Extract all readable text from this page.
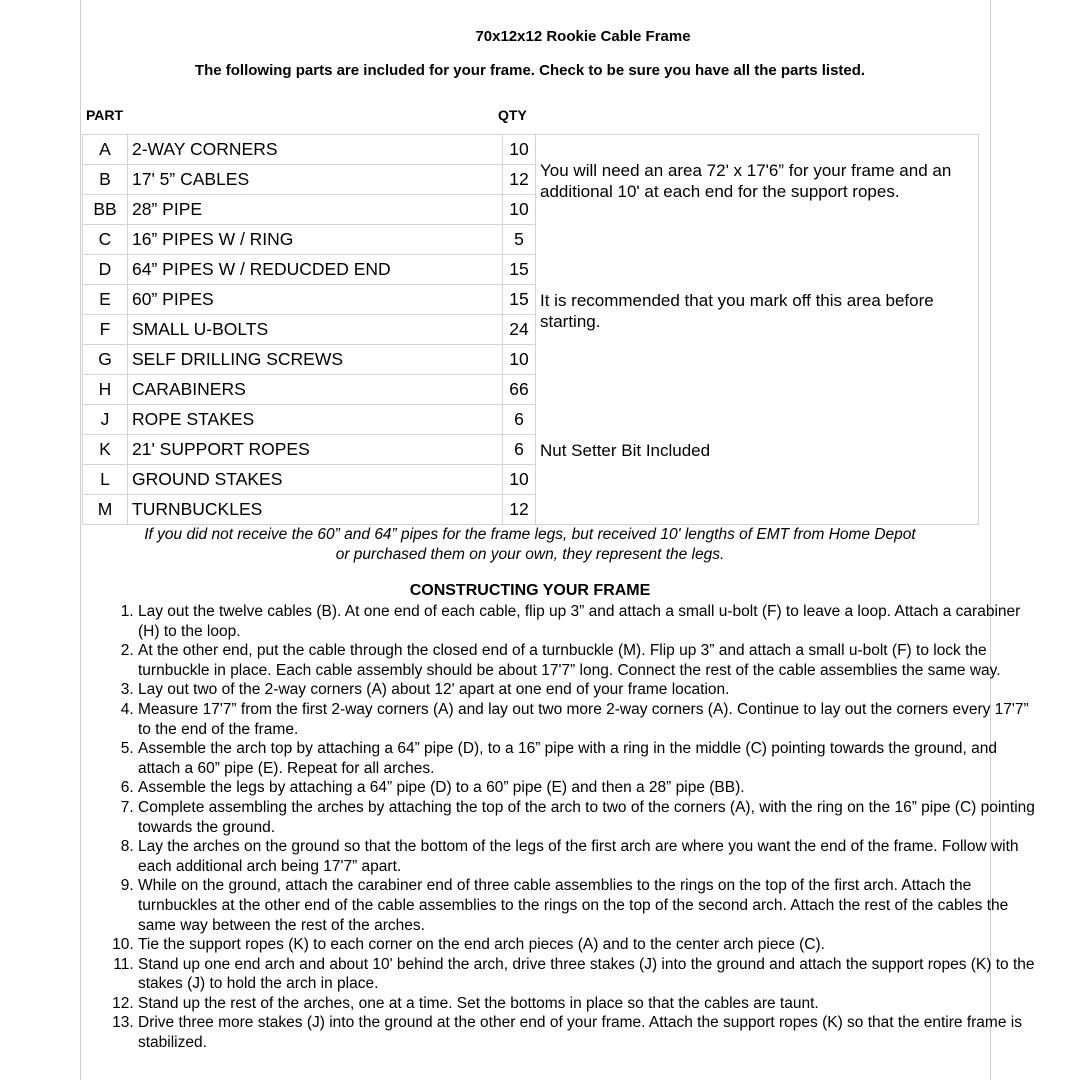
70x12x12 Rookie Cable Frame
The following parts are included for your frame. Check to be sure you have all the parts listed.
PART	QTY
A	2-WAY CORNERS	10	You will need an area 72' x 17'6” for your frame and an additional 10' at each end for the support ropes.
It is recommended that you mark off this area before starting.
Nut Setter Bit Included

B	17' 5” CABLES	12	
BB	28” PIPE	10	
C	16” PIPES W / RING	5	
D	64” PIPES W / REDUCDED END	15	
E	60” PIPES	15	
F	SMALL U-BOLTS	24	
G	SELF DRILLING SCREWS	10	
H	CARABINERS	66	
J	ROPE STAKES	6	
K	21' SUPPORT ROPES	6	
L	GROUND STAKES	10	
M	TURNBUCKLES	12	
If you did not receive the 60” and 64” pipes for the frame legs, but received 10' lengths of EMT from Home Depot
or purchased them on your own, they represent the legs.
CONSTRUCTING YOUR FRAME
1. Lay out the twelve cables (B). At one end of each cable, flip up 3” and attach a small u-bolt (F) to leave a loop. Attach a carabiner (H) to the loop.
2. At the other end, put the cable through the closed end of a turnbuckle (M). Flip up 3” and attach a small u-bolt (F) to lock the turnbuckle in place. Each cable assembly should be about 17'7” long. Connect the rest of the cable assemblies the same way.
3. Lay out two of the 2-way corners (A) about 12' apart at one end of your frame location.
4. Measure 17'7” from the first 2-way corners (A) and lay out two more 2-way corners (A). Continue to lay out the corners every 17'7” to the end of the frame.
5. Assemble the arch top by attaching a 64” pipe (D), to a 16” pipe with a ring in the middle (C) pointing towards the ground, and attach a 60” pipe (E). Repeat for all arches.
6. Assemble the legs by attaching a 64” pipe (D) to a 60” pipe (E) and then a 28” pipe (BB).
7. Complete assembling the arches by attaching the top of the arch to two of the corners (A), with the ring on the 16” pipe (C) pointing towards the ground.
8. Lay the arches on the ground so that the bottom of the legs of the first arch are where you want the end of the frame. Follow with each additional arch being 17'7” apart.
9. While on the ground, attach the carabiner end of three cable assemblies to the rings on the top of the first arch. Attach the turnbuckles at the other end of the cable assemblies to the rings on the top of the second arch. Attach the rest of the cables the same way between the rest of the arches.
10. Tie the support ropes (K) to each corner on the end arch pieces (A) and to the center arch piece (C).
11. Stand up one end arch and about 10' behind the arch, drive three stakes (J) into the ground and attach the support ropes (K) to the stakes (J) to hold the arch in place.
12. Stand up the rest of the arches, one at a time. Set the bottoms in place so that the cables are taunt.
13. Drive three more stakes (J) into the ground at the other end of your frame. Attach the support ropes (K) so that the entire frame is stabilized.
